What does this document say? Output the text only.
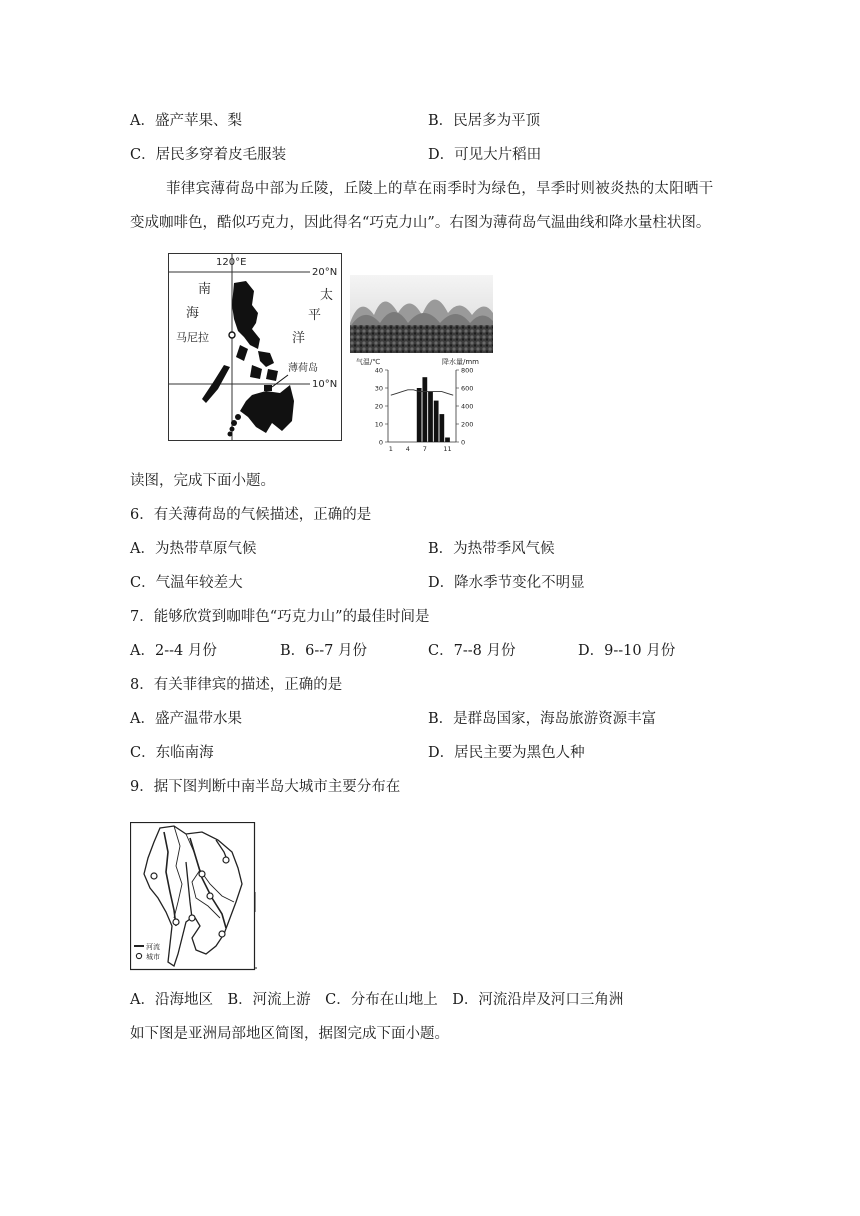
A．盛产苹果、梨	B．民居多为平顶
C．居民多穿着皮毛服装	D．可见大片稻田
菲律宾薄荷岛中部为丘陵，丘陵上的草在雨季时为绿色，旱季时则被炎热的太阳晒干
变成咖啡色，酷似巧克力，因此得名“巧克力山”。右图为薄荷岛气温曲线和降水量柱状图。
120°E
20°N
10°N
南
海
太
平
洋
马尼拉
薄荷岛
气温/℃	降水量/mm
40
30
20
10
0
800
600
400
200
0
1 4 7	11
读图，完成下面小题。
6．有关薄荷岛的气候描述，正确的是
A．为热带草原气候	B．为热带季风气候
C．气温年较差大	D．降水季节变化不明显
7．能够欣赏到咖啡色“巧克力山”的最佳时间是
A．2--4 月份	B．6--7 月份	C．7--8 月份	D．9--10 月份
8．有关菲律宾的描述，正确的是
A．盛产温带水果	B．是群岛国家，海岛旅游资源丰富
C．东临南海	D．居民主要为黑色人种
9．据下图判断中南半岛大城市主要分布在
河流
城市
A．沿海地区　B．河流上游　C．分布在山地上　D．河流沿岸及河口三角洲
如下图是亚洲局部地区简图，据图完成下面小题。
